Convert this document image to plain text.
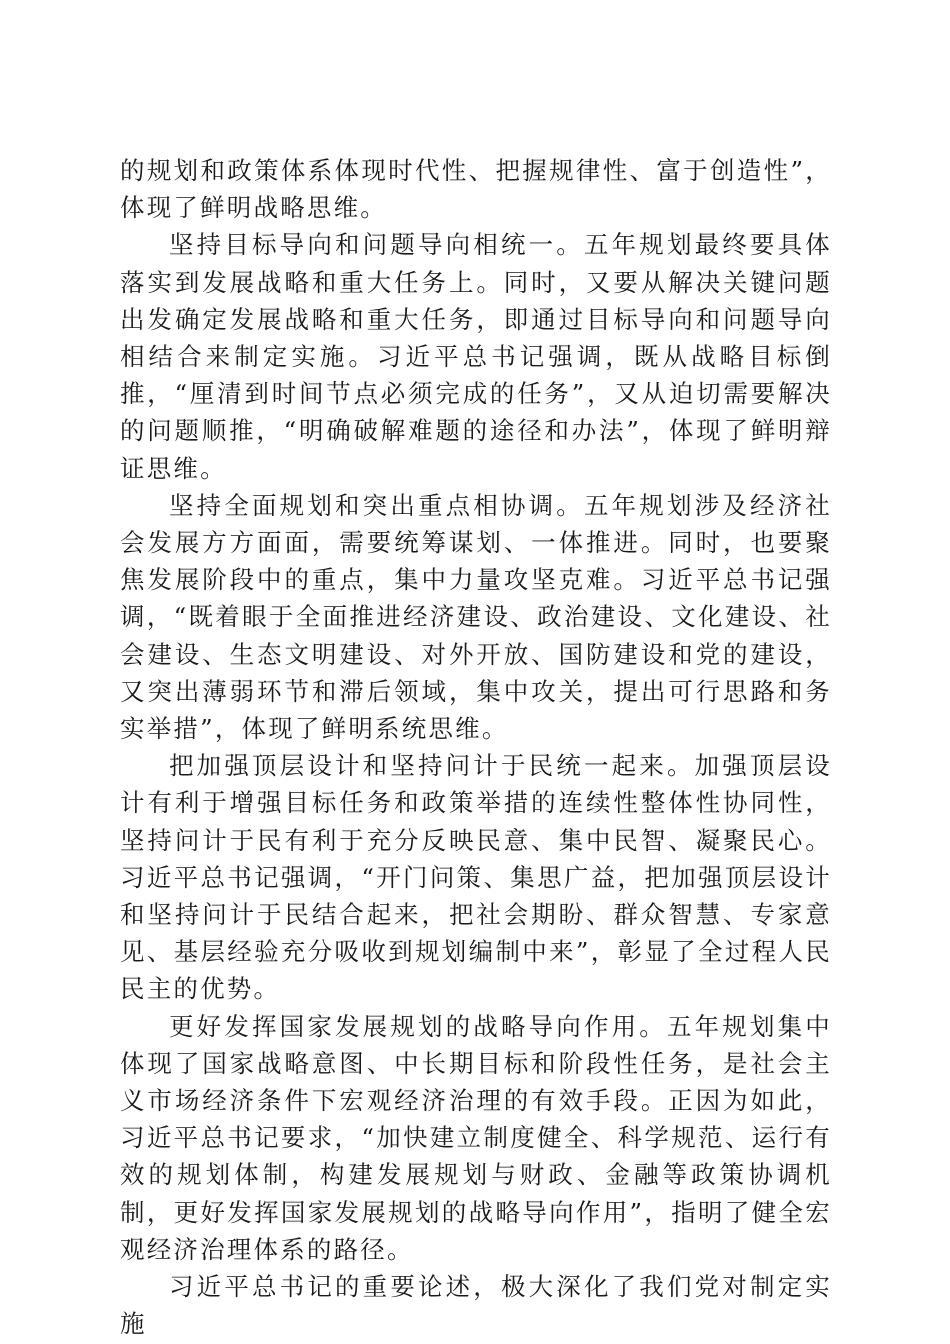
的规划和政策体系体现时代性、把握规律性、富于创造性”，体现了鲜明战略思维。

坚持目标导向和问题导向相统一。五年规划最终要具体落实到发展战略和重大任务上。同时，又要从解决关键问题出发确定发展战略和重大任务，即通过目标导向和问题导向相结合来制定实施。习近平总书记强调，既从战略目标倒推，“厘清到时间节点必须完成的任务”，又从迫切需要解决的问题顺推，“明确破解难题的途径和办法”，体现了鲜明辩证思维。

坚持全面规划和突出重点相协调。五年规划涉及经济社会发展方方面面，需要统筹谋划、一体推进。同时，也要聚焦发展阶段中的重点，集中力量攻坚克难。习近平总书记强调，“既着眼于全面推进经济建设、政治建设、文化建设、社会建设、生态文明建设、对外开放、国防建设和党的建设，又突出薄弱环节和滞后领域，集中攻关，提出可行思路和务实举措”，体现了鲜明系统思维。

把加强顶层设计和坚持问计于民统一起来。加强顶层设计有利于增强目标任务和政策举措的连续性整体性协同性，坚持问计于民有利于充分反映民意、集中民智、凝聚民心。习近平总书记强调，“开门问策、集思广益，把加强顶层设计和坚持问计于民结合起来，把社会期盼、群众智慧、专家意见、基层经验充分吸收到规划编制中来”，彰显了全过程人民民主的优势。

更好发挥国家发展规划的战略导向作用。五年规划集中体现了国家战略意图、中长期目标和阶段性任务，是社会主义市场经济条件下宏观经济治理的有效手段。正因为如此，习近平总书记要求，“加快建立制度健全、科学规范、运行有效的规划体制，构建发展规划与财政、金融等政策协调机制，更好发挥国家发展规划的战略导向作用”，指明了健全宏观经济治理体系的路径。

习近平总书记的重要论述，极大深化了我们党对制定实施
